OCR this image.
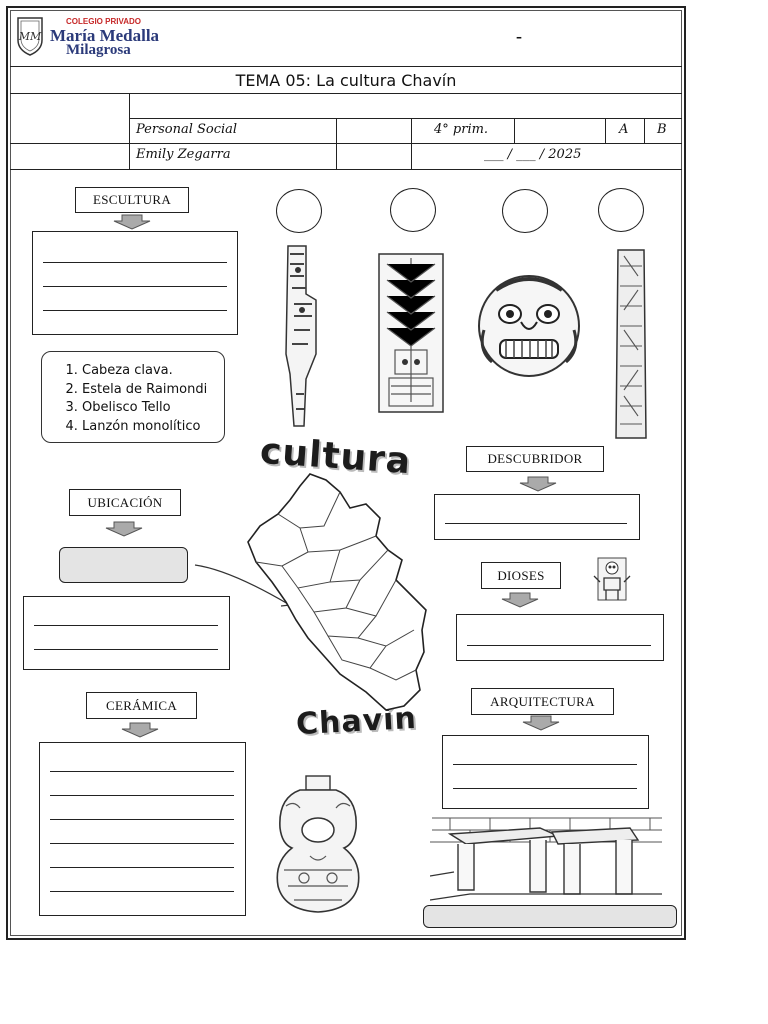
MM
COLEGIO PRIVADO
María Medalla
Milagrosa
-
TEMA 05: La cultura Chavín
Personal Social	4° prim.	A B
Emily Zegarra	___ / ___ / 2025
ESCULTURA
1. Cabeza clava.
2. Estela de Raimondi
3. Obelisco Tello
4. Lanzón monolítico
cultura
Chavín
UBICACIÓN
DESCUBRIDOR
DIOSES
CERÁMICA	ARQUITECTURA
